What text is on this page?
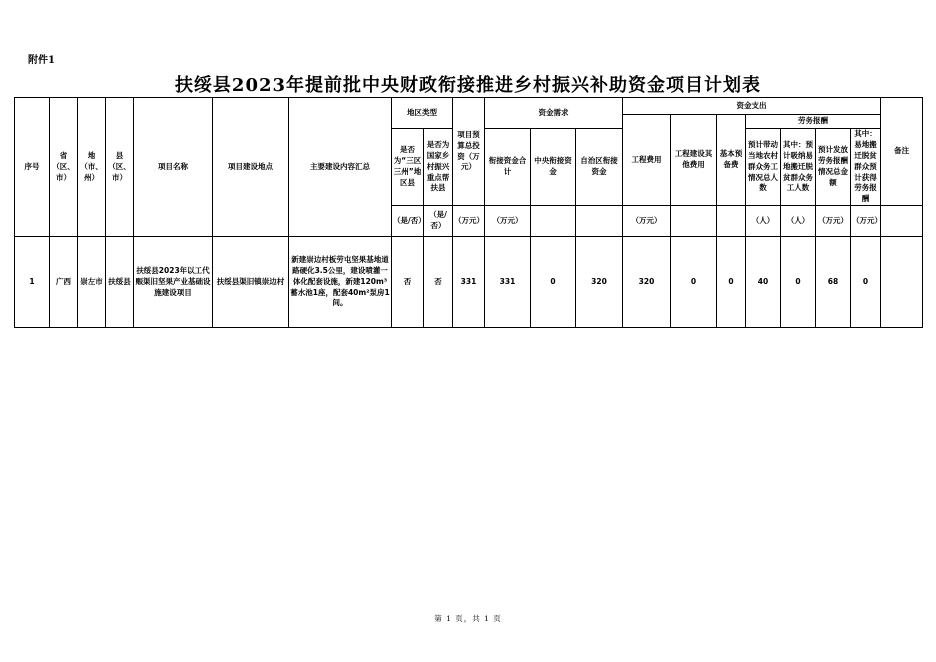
附件1
扶绥县2023年提前批中央财政衔接推进乡村振兴补助资金项目计划表
序号	省（区、市）	地（市、州）	县（区、市）	项目名称	项目建设地点	主要建设内容汇总	地区类型		项目预算总投资（万元）	资金需求			资金支出							备注
													工程费用	工程建设其他费用	基本预备费	劳务报酬				
							是否为“三区三州”地区县	是否为国家乡村振兴重点帮扶县		衔接资金合计	中央衔接资金	自治区衔接资金				预计带动当地农村群众务工情况总人数	其中：预计吸纳易地搬迁脱贫群众务工人数	预计发放劳务报酬情况总金额	其中：易地搬迁脱贫群众预计获得劳务报酬	
							（是/否）	（是/否）	（万元）	（万元）			（万元）			（人）	（人）	（万元）	（万元）	
1	广西	崇左市	扶绥县	扶绥县2023年以工代赈渠旧坚果产业基础设施建设项目	扶绥县渠旧镇崇边村	新建崇边村板劳屯坚果基地道路硬化3.5公里，建设喷灌一体化配套设施，新建120m³蓄水池1座，配套40m²泵房1间。	否	否	331	331	0	320	320	0	0	40	0	68	0	
第 1 页，共 1 页
